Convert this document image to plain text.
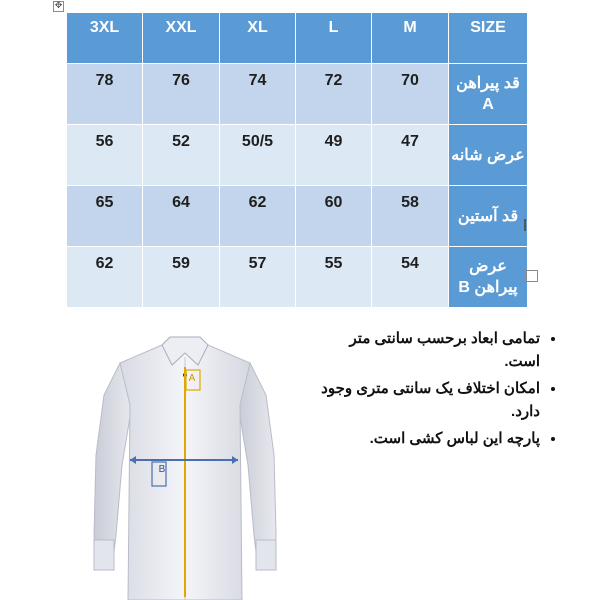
✥
3XL	XXL	XL	L	M	SIZE
78	76	74	72	70	قد پیراهن A
56	52	50/5	49	47	عرض شانه
65	64	62	60	58	قد آستین
62	59	57	55	54	عرض پیراهن B
• تمامی ابعاد برحسب سانتی متر است.
• امکان اختلاف یک سانتی متری وجود دارد.
• پارچه این لباس کشی است.
A
B
